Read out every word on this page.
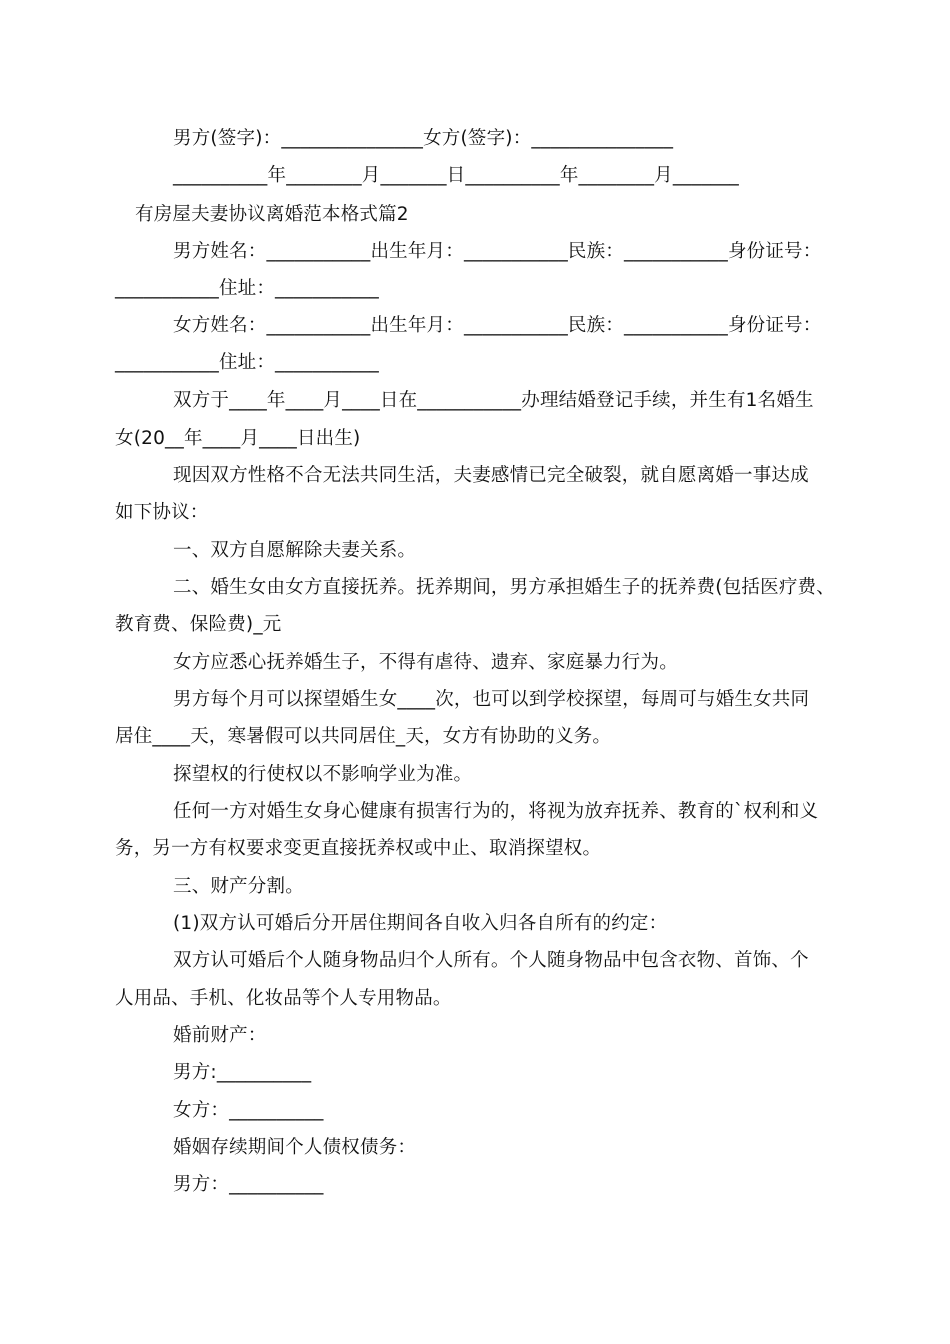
男方(签字)：_______________女方(签字)：_______________
__________年________月_______日__________年________月_______
有房屋夫妻协议离婚范本格式篇2
男方姓名：___________出生年月：___________民族：___________身份证号：
___________住址：___________
女方姓名：___________出生年月：___________民族：___________身份证号：
___________住址：___________
双方于____年____月____日在___________办理结婚登记手续，并生有1名婚生
女(20__年____月____日出生)
现因双方性格不合无法共同生活，夫妻感情已完全破裂，就自愿离婚一事达成
如下协议：
一、双方自愿解除夫妻关系。
二、婚生女由女方直接抚养。抚养期间，男方承担婚生子的抚养费(包括医疗费、
教育费、保险费)_元
女方应悉心抚养婚生子，不得有虐待、遗弃、家庭暴力行为。
男方每个月可以探望婚生女____次，也可以到学校探望，每周可与婚生女共同
居住____天，寒暑假可以共同居住_天，女方有协助的义务。
探望权的行使权以不影响学业为准。
任何一方对婚生女身心健康有损害行为的，将视为放弃抚养、教育的`权利和义
务，另一方有权要求变更直接抚养权或中止、取消探望权。
三、财产分割。
(1)双方认可婚后分开居住期间各自收入归各自所有的约定：
双方认可婚后个人随身物品归个人所有。个人随身物品中包含衣物、首饰、个
人用品、手机、化妆品等个人专用物品。
婚前财产：
男方:__________
女方：__________
婚姻存续期间个人债权债务：
男方：__________
